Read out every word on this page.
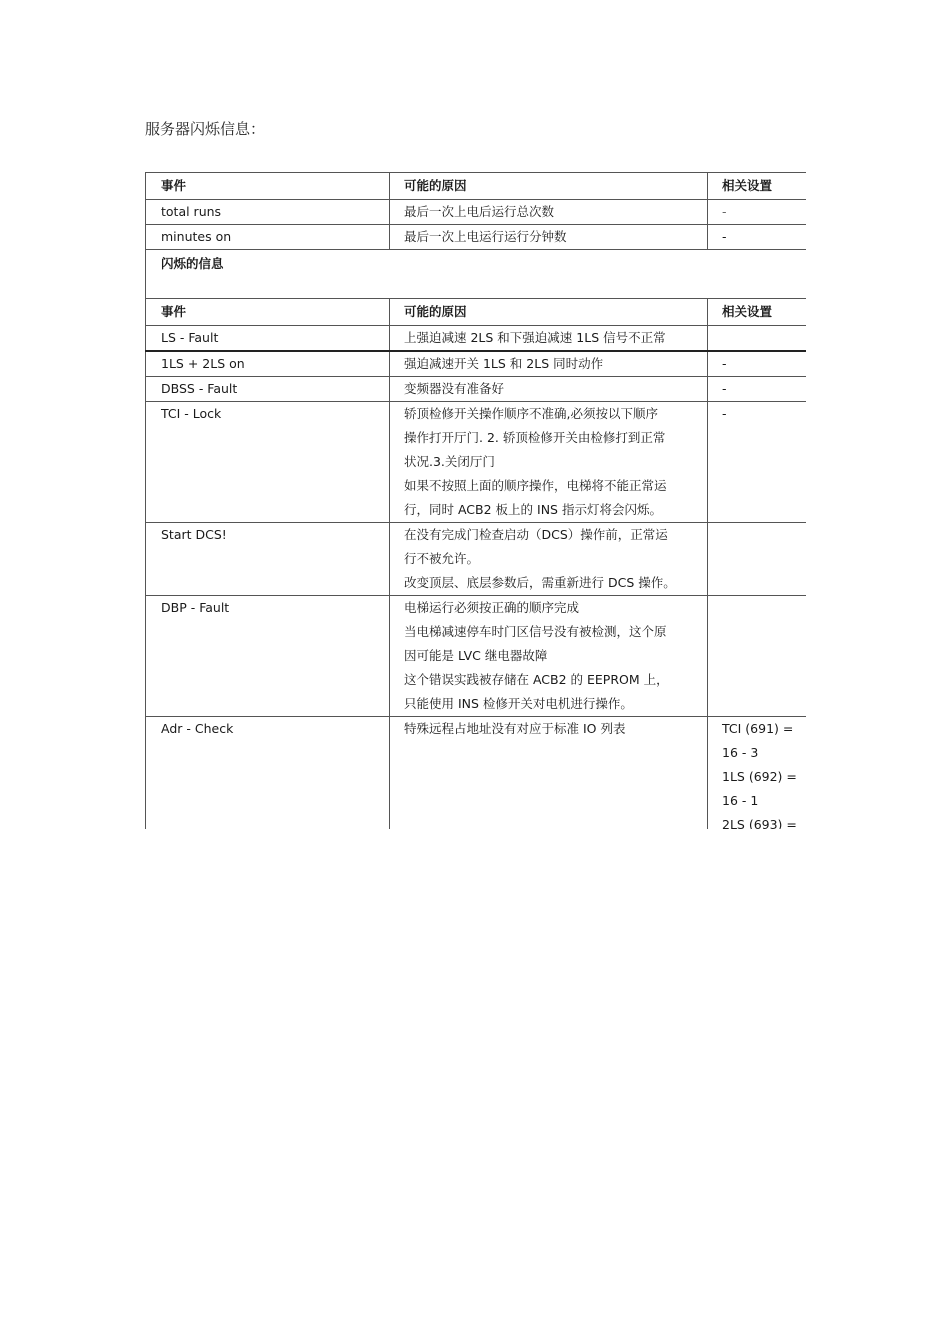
服务器闪烁信息：
事件	可能的原因	相关设置
total runs	最后一次上电后运行总次数	-

minutes on	最后一次上电运行运行分钟数	-

闪烁的信息		
事件	可能的原因	相关设置
LS - Fault	上强迫减速 2LS 和下强迫减速 1LS 信号不正常	

1LS + 2LS on	强迫减速开关 1LS 和 2LS 同时动作	-

DBSS - Fault	变频器没有准备好	-

TCI - Lock	轿顶检修开关操作顺序不准确,必须按以下顺序
操作打开厅门. 2. 轿顶检修开关由检修打到正常
状况.3.关闭厅门
如果不按照上面的顺序操作，电梯将不能正常运
行，同时 ACB2 板上的 INS 指示灯将会闪烁。	-

Start DCS!	在没有完成门检查启动（DCS）操作前，正常运
行不被允许。
改变顶层、底层参数后，需重新进行 DCS 操作。	

DBP - Fault	电梯运行必须按正确的顺序完成
当电梯减速停车时门区信号没有被检测，这个原
因可能是 LVC 继电器故障
这个错误实践被存储在 ACB2 的 EEPROM 上，
只能使用 INS 检修开关对电机进行操作。	

Adr - Check	特殊远程占地址没有对应于标准 IO 列表	TCI (691) =
16 - 3
1LS (692) =
16 - 1
2LS (693) =
